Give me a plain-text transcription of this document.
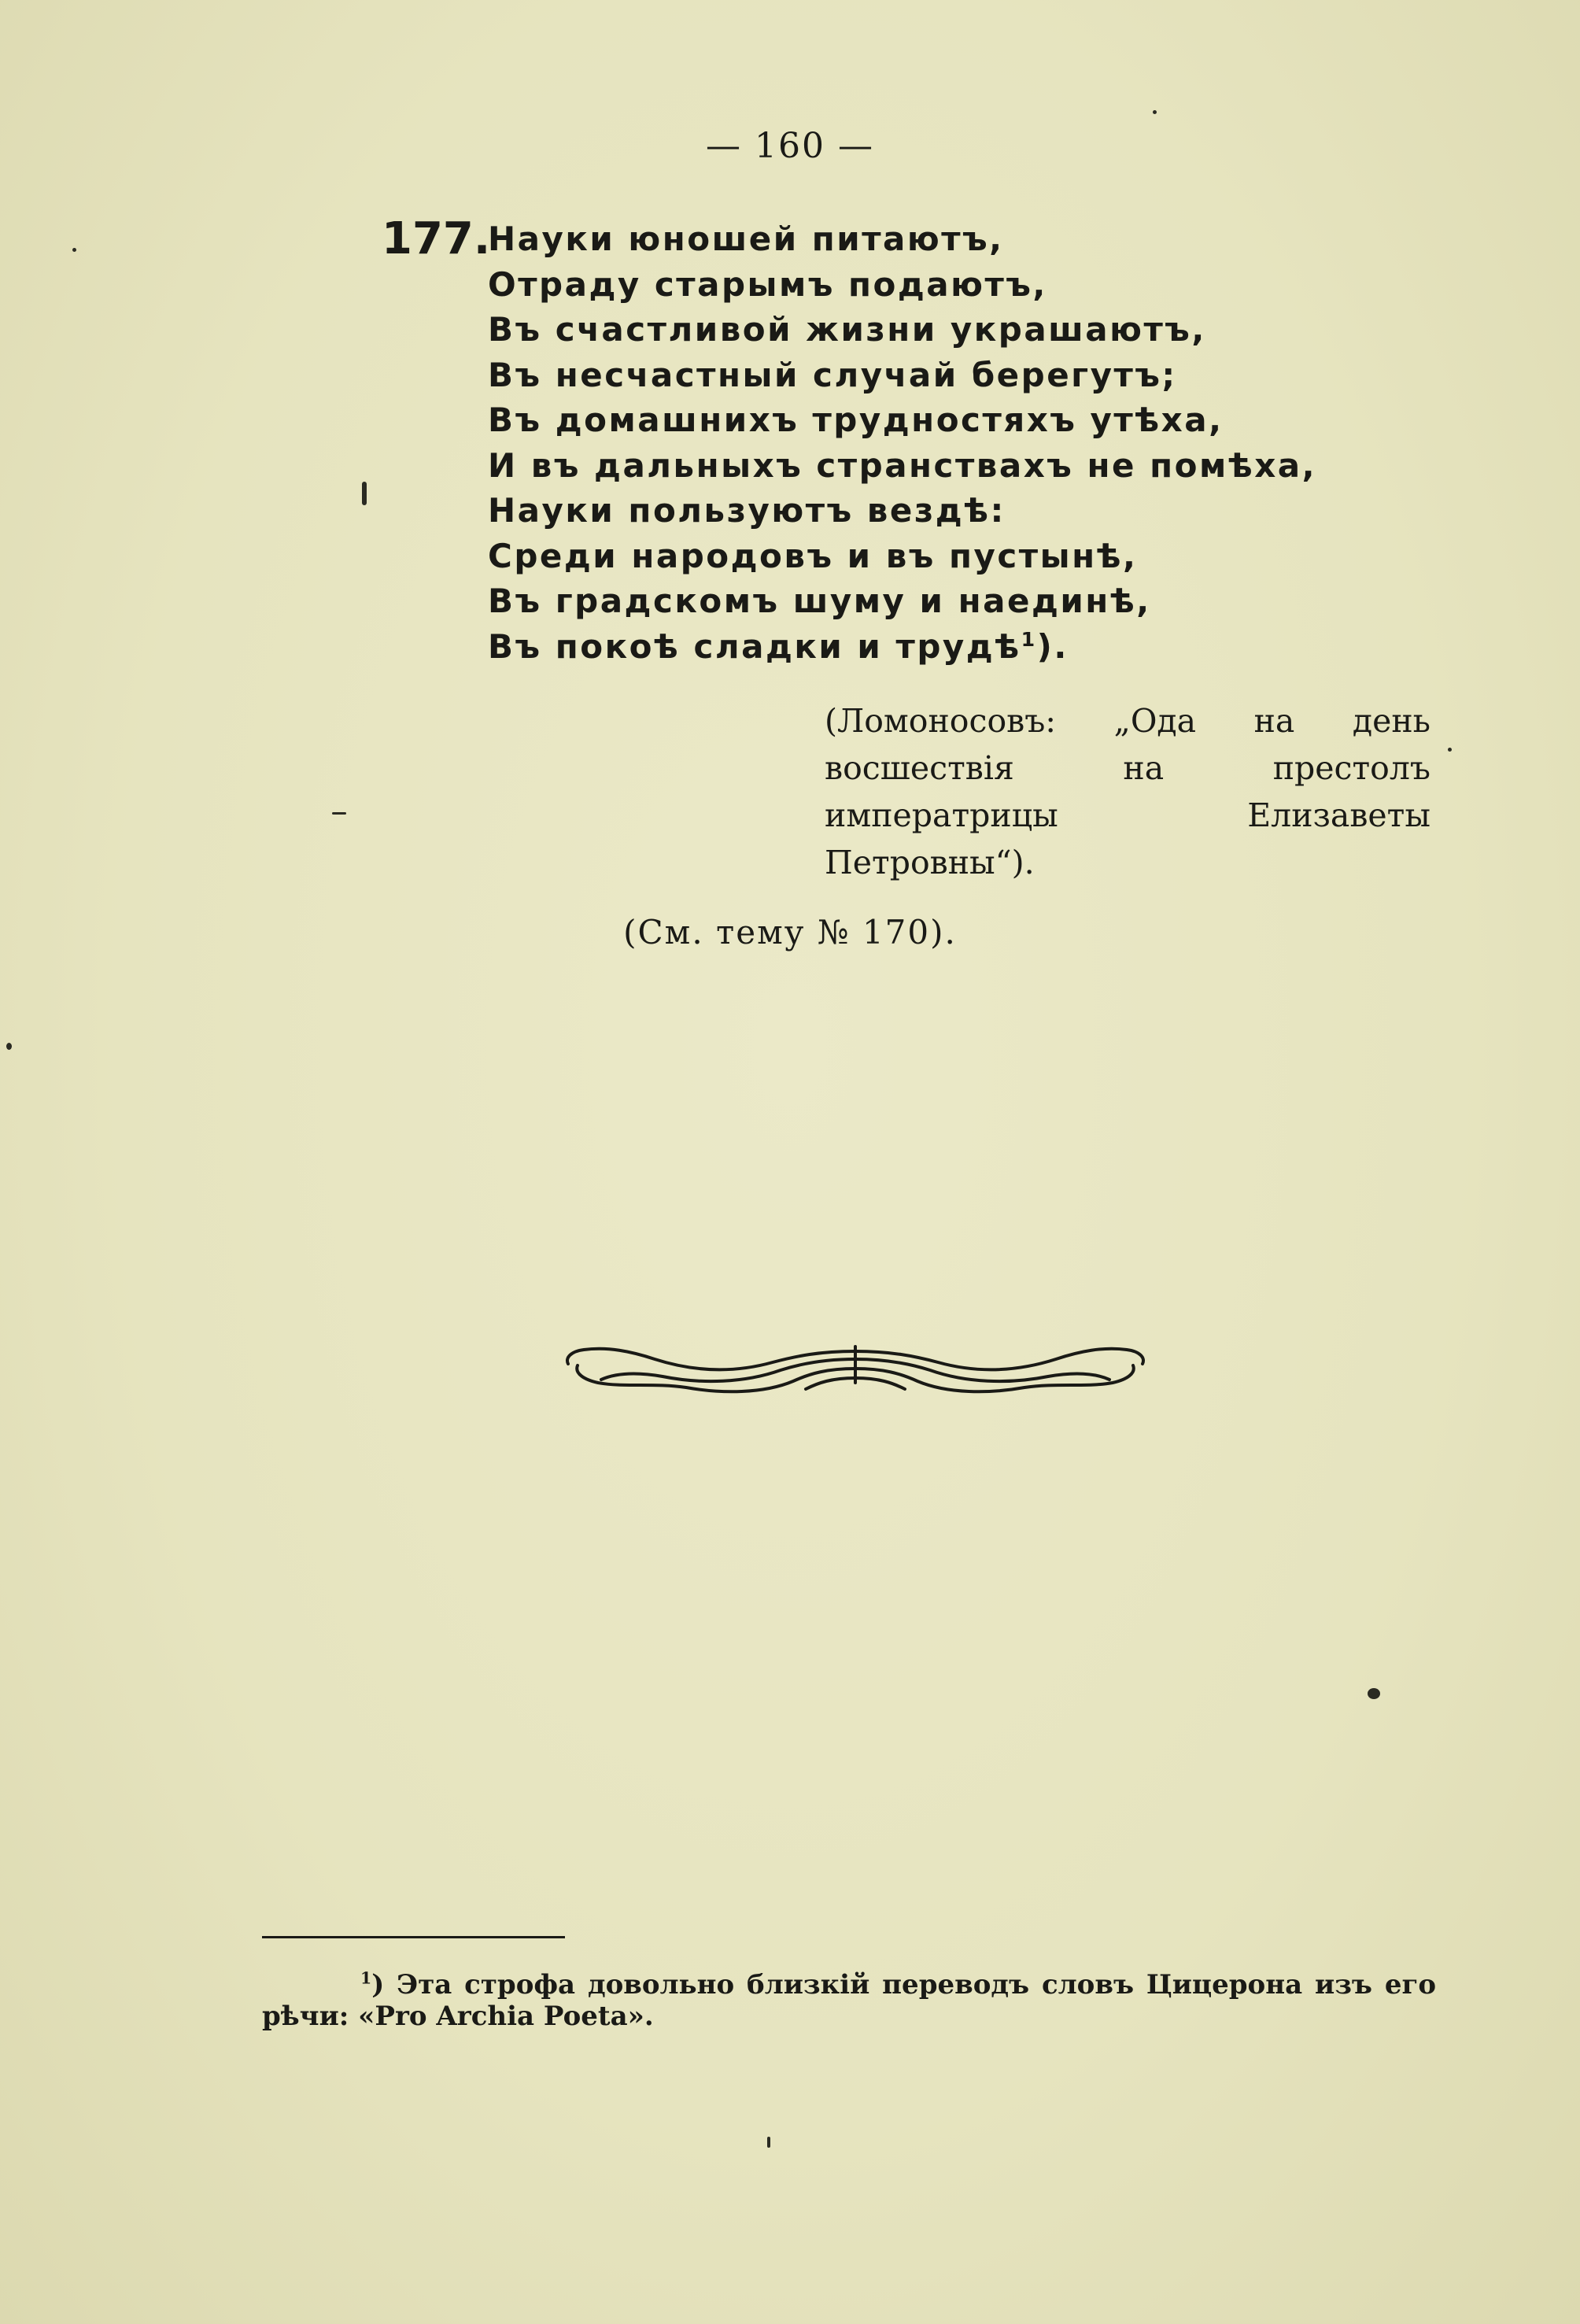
— 160 —
177.
Науки юношей питаютъ,
Отраду старымъ подаютъ,
Въ счастливой жизни украшаютъ,
Въ несчастный случай берегутъ;
Въ домашнихъ трудностяхъ утѣха,
И въ дальныхъ странствахъ не помѣха,
Науки пользуютъ вездѣ:
Среди народовъ и въ пустынѣ,
Въ градскомъ шуму и наединѣ,
Въ покоѣ сладки и трудѣ$^1$).
(Ломоносовъ: „Ода на день восшествія на престолъ императрицы Елизаветы Петровны“).
(См. тему № 170).
$^1$) Эта строфа довольно близкій переводъ словъ Цицерона изъ его рѣчи: «Pro Archia Poeta».
